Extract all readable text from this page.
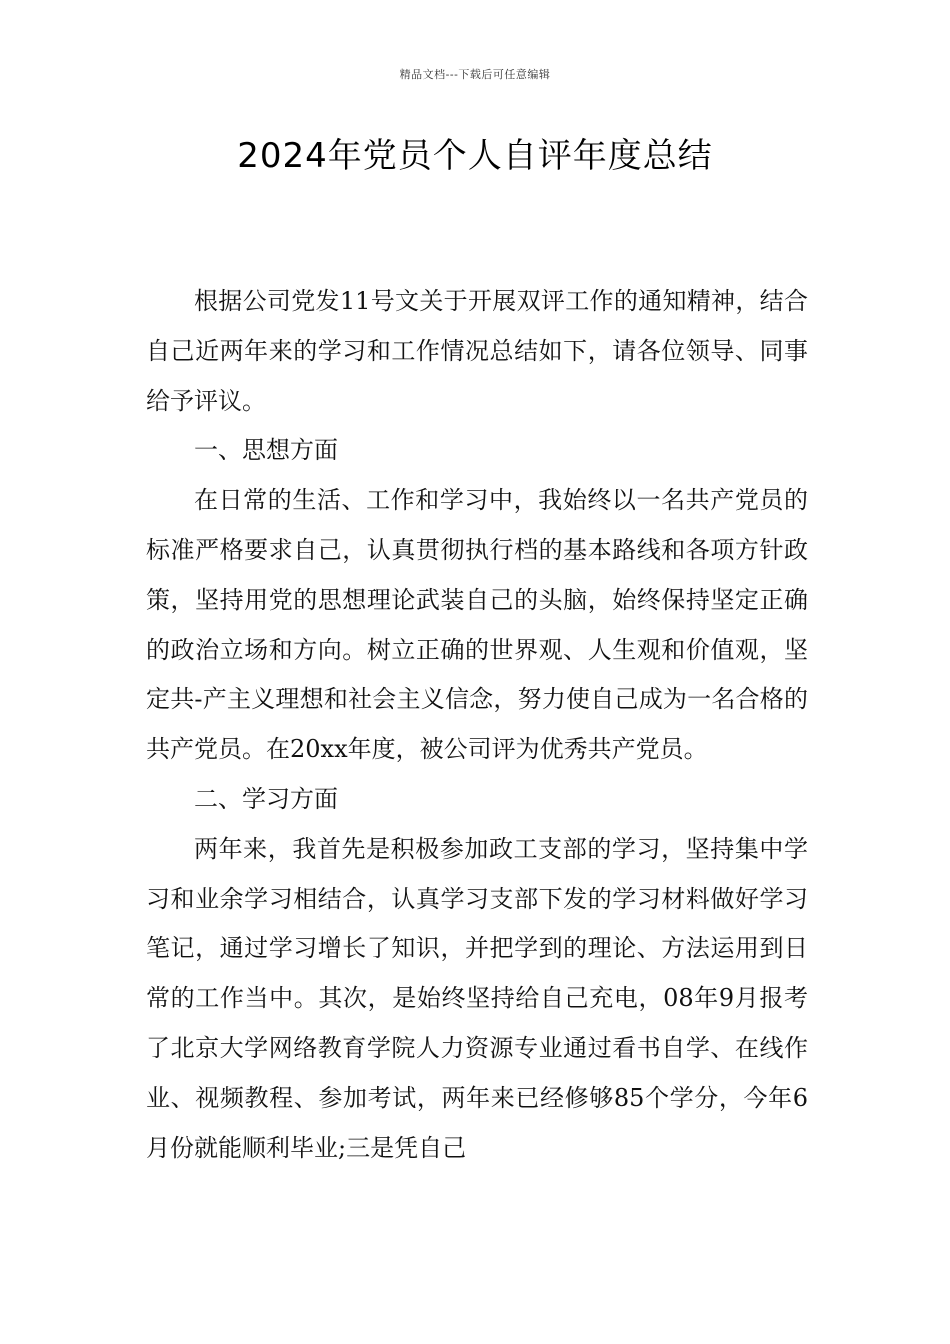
精品文档---下载后可任意编辑
2024年党员个人自评年度总结

根据公司党发11号文关于开展双评工作的通知精神，结合自己近两年来的学习和工作情况总结如下，请各位领导、同事给予评议。

一、思想方面

在日常的生活、工作和学习中，我始终以一名共产党员的标准严格要求自己，认真贯彻执行档的基本路线和各项方针政策，坚持用党的思想理论武装自己的头脑，始终保持坚定正确的政治立场和方向。树立正确的世界观、人生观和价值观，坚定共-产主义理想和社会主义信念，努力使自己成为一名合格的共产党员。在20xx年度，被公司评为优秀共产党员。

二、学习方面

两年来，我首先是积极参加政工支部的学习，坚持集中学习和业余学习相结合，认真学习支部下发的学习材料做好学习笔记，通过学习增长了知识，并把学到的理论、方法运用到日常的工作当中。其次，是始终坚持给自己充电，08年9月报考了北京大学网络教育学院人力资源专业通过看书自学、在线作业、视频教程、参加考试，两年来已经修够85个学分，今年6月份就能顺利毕业;三是凭自己
